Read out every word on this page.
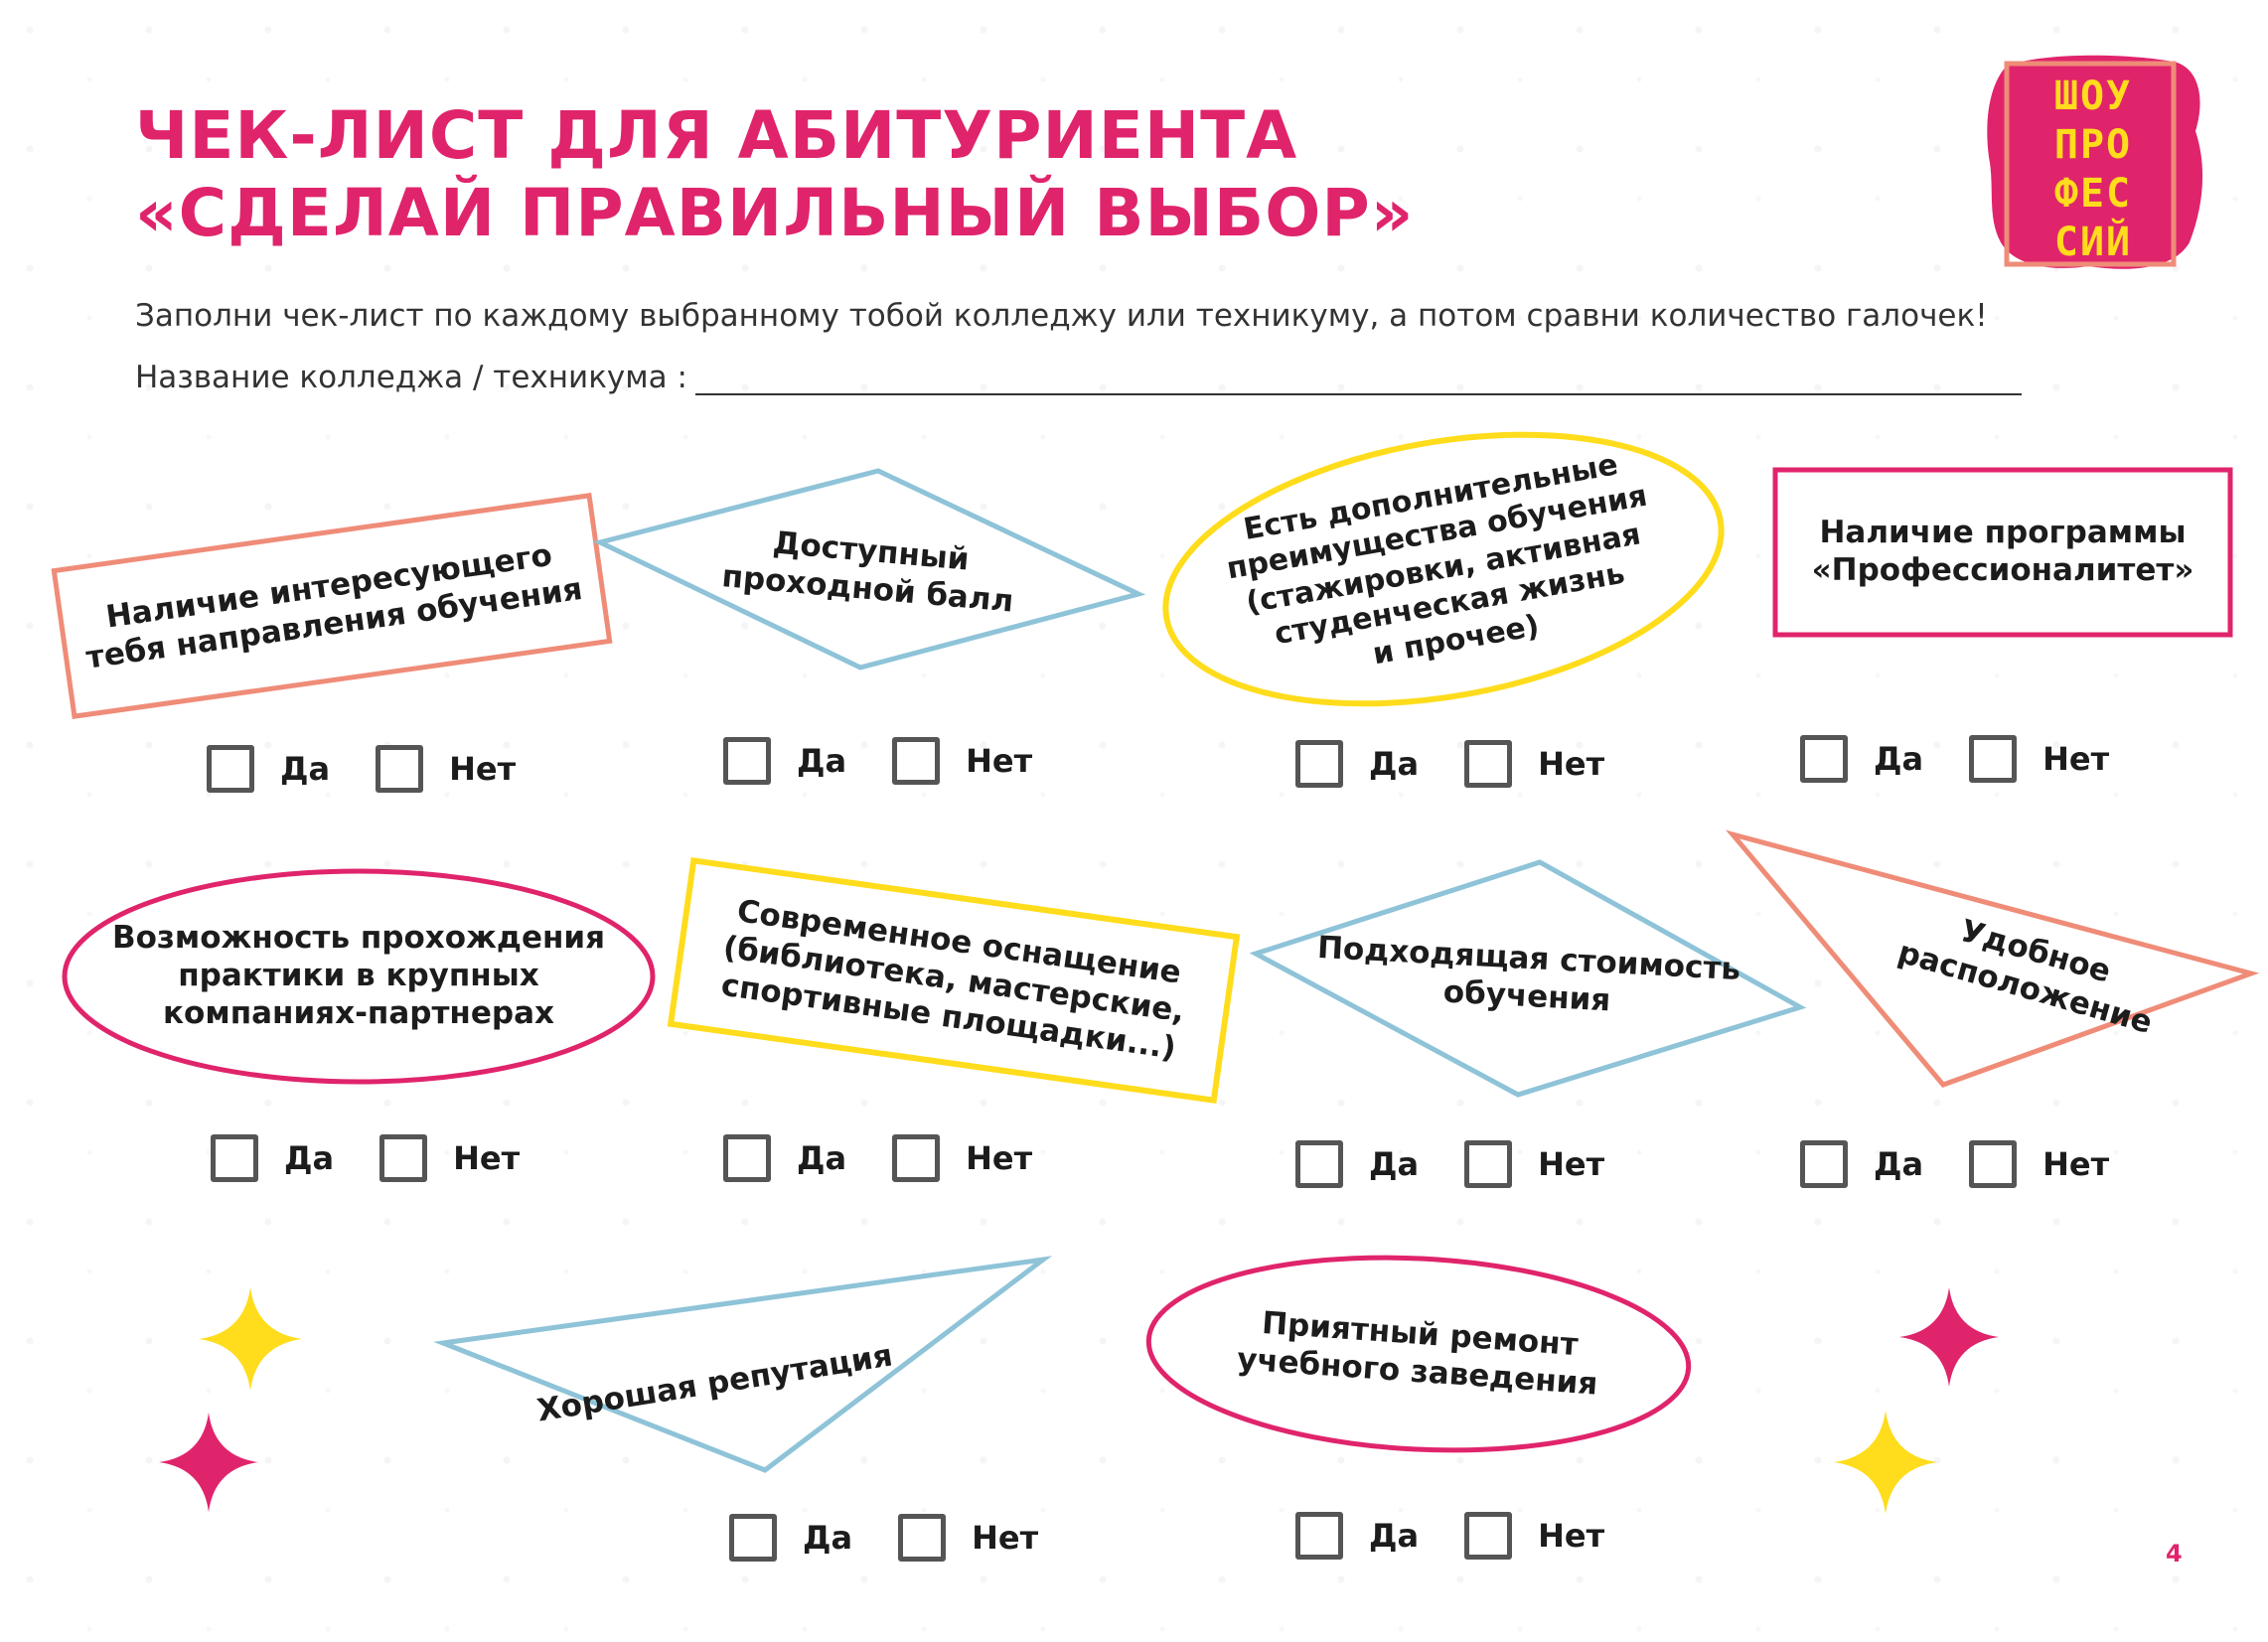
ЧЕК-ЛИСТ ДЛЯ АБИТУРИЕНТА
«СДЕЛАЙ ПРАВИЛЬНЫЙ ВЫБОР»
ШОУ
ПРО
ФЕС
СИЙ
Заполни чек-лист по каждому выбранному тобой колледжу или техникуму, а потом сравни количество галочек!
Название колледжа / техникума :
Наличие интересующего
тебя направления обучения
Да	Нет
Доступный
проходной балл
Да	Нет
Есть дополнительные
преимущества обучения
(стажировки, активная
студенческая жизнь
и прочее)
Да	Нет
Наличие программы
«Профессионалитет»
Да	Нет
Возможность прохождения
практики в крупных
компаниях-партнерах
Да	Нет
Современное оснащение
(библиотека, мастерские,
спортивные площадки...)
Да	Нет
Подходящая стоимость
обучения
Да	Нет
Удобное
расположение
Да	Нет
Хорошая репутация
Да	Нет
Приятный ремонт
учебного заведения
Да	Нет	4
